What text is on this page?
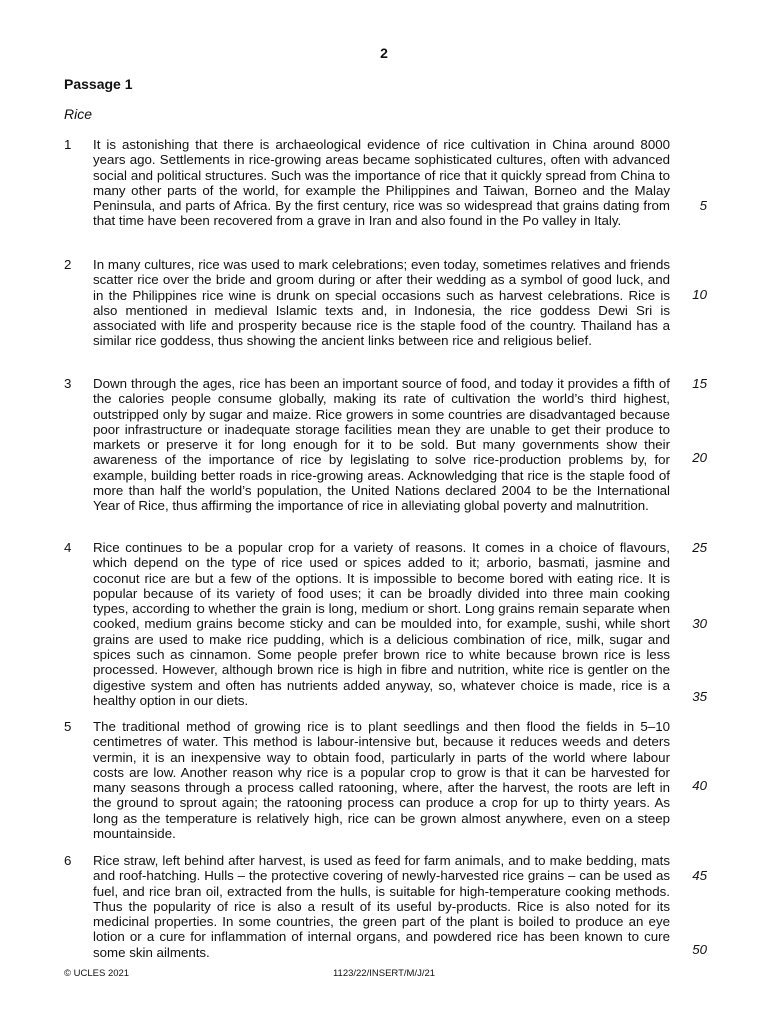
2
Passage 1
Rice
1 It is astonishing that there is archaeological evidence of rice cultivation in China around 8000 years ago. Settlements in rice-growing areas became sophisticated cultures, often with advanced social and political structures. Such was the importance of rice that it quickly spread from China to many other parts of the world, for example the Philippines and Taiwan, Borneo and the Malay Peninsula, and parts of Africa. By the first century, rice was so widespread that grains dating from that time have been recovered from a grave in Iran and also found in the Po valley in Italy.

2 In many cultures, rice was used to mark celebrations; even today, sometimes relatives and friends scatter rice over the bride and groom during or after their wedding as a symbol of good luck, and in the Philippines rice wine is drunk on special occasions such as harvest celebrations. Rice is also mentioned in medieval Islamic texts and, in Indonesia, the rice goddess Dewi Sri is associated with life and prosperity because rice is the staple food of the country. Thailand has a similar rice goddess, thus showing the ancient links between rice and religious belief.

3 Down through the ages, rice has been an important source of food, and today it provides a fifth of the calories people consume globally, making its rate of cultivation the world’s third highest, outstripped only by sugar and maize. Rice growers in some countries are disadvantaged because poor infrastructure or inadequate storage facilities mean they are unable to get their produce to markets or preserve it for long enough for it to be sold. But many governments show their awareness of the importance of rice by legislating to solve rice-production problems by, for example, building better roads in rice-growing areas. Acknowledging that rice is the staple food of more than half the world’s population, the United Nations declared 2004 to be the International Year of Rice, thus affirming the importance of rice in alleviating global poverty and malnutrition.

4 Rice continues to be a popular crop for a variety of reasons. It comes in a choice of flavours, which depend on the type of rice used or spices added to it; arborio, basmati, jasmine and coconut rice are but a few of the options. It is impossible to become bored with eating rice. It is popular because of its variety of food uses; it can be broadly divided into three main cooking types, according to whether the grain is long, medium or short. Long grains remain separate when cooked, medium grains become sticky and can be moulded into, for example, sushi, while short grains are used to make rice pudding, which is a delicious combination of rice, milk, sugar and spices such as cinnamon. Some people prefer brown rice to white because brown rice is less processed. However, although brown rice is high in fibre and nutrition, white rice is gentler on the digestive system and often has nutrients added anyway, so, whatever choice is made, rice is a healthy option in our diets.

5 The traditional method of growing rice is to plant seedlings and then flood the fields in 5–10 centimetres of water. This method is labour-intensive but, because it reduces weeds and deters vermin, it is an inexpensive way to obtain food, particularly in parts of the world where labour costs are low. Another reason why rice is a popular crop to grow is that it can be harvested for many seasons through a process called ratooning, where, after the harvest, the roots are left in the ground to sprout again; the ratooning process can produce a crop for up to thirty years. As long as the temperature is relatively high, rice can be grown almost anywhere, even on a steep mountainside.

6 Rice straw, left behind after harvest, is used as feed for farm animals, and to make bedding, mats and roof-hatching. Hulls – the protective covering of newly-harvested rice grains – can be used as fuel, and rice bran oil, extracted from the hulls, is suitable for high-temperature cooking methods. Thus the popularity of rice is also a result of its useful by-products. Rice is also noted for its medicinal properties. In some countries, the green part of the plant is boiled to produce an eye lotion or a cure for inflammation of internal organs, and powdered rice has been known to cure some skin ailments.

5
10
15
20
25
30
35
40
45
50
© UCLES 2021	1123/22/INSERT/M/J/21
